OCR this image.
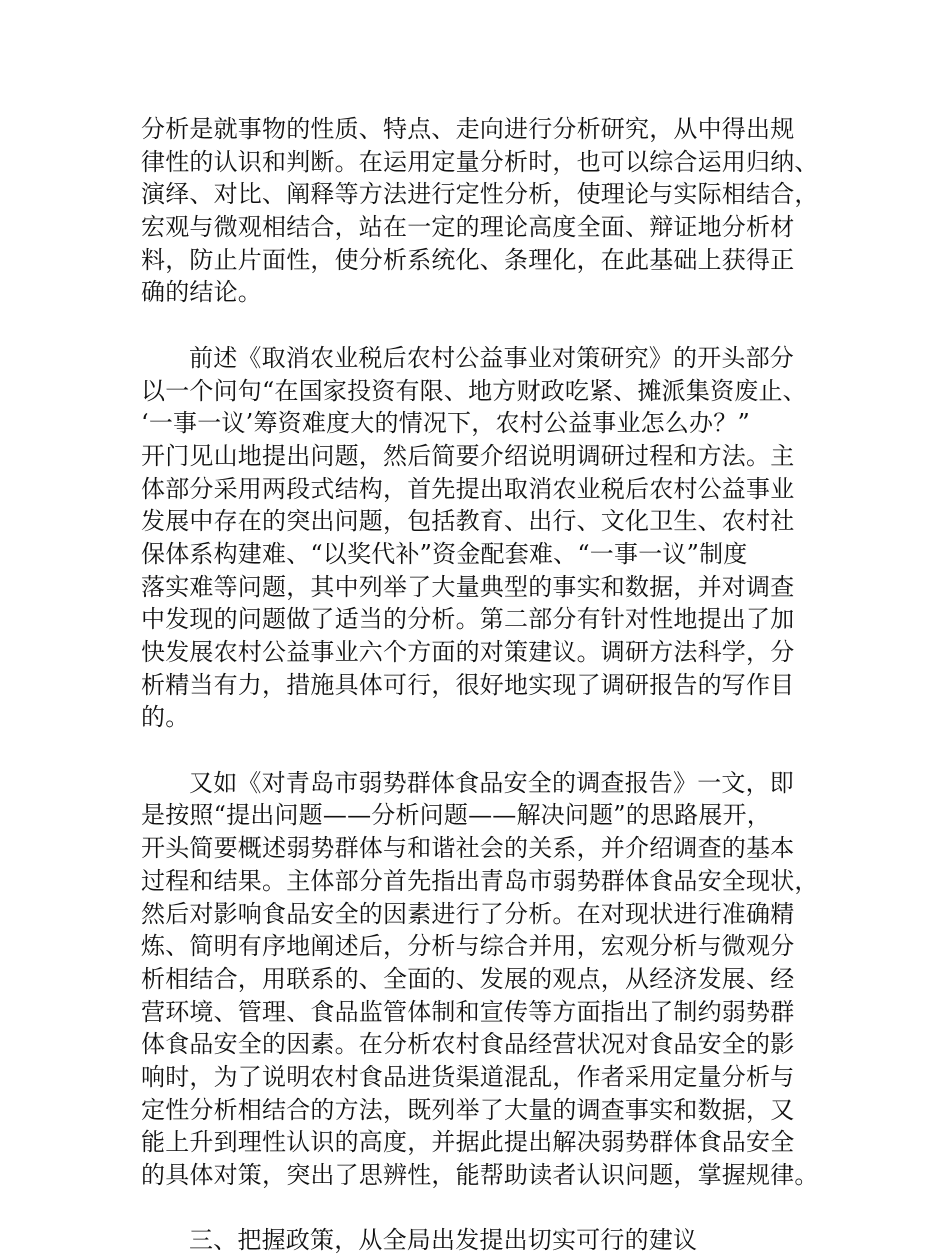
分析是就事物的性质、特点、走向进行分析研究，从中得出规
律性的认识和判断。在运用定量分析时，也可以综合运用归纳、
演绎、对比、阐释等方法进行定性分析，使理论与实际相结合，
宏观与微观相结合，站在一定的理论高度全面、辩证地分析材
料，防止片面性，使分析系统化、条理化，在此基础上获得正
确的结论。
前述《取消农业税后农村公益事业对策研究》的开头部分
以一个问句“在国家投资有限、地方财政吃紧、摊派集资废止、
‘一事一议’筹资难度大的情况下，农村公益事业怎么办？”
开门见山地提出问题，然后简要介绍说明调研过程和方法。主
体部分采用两段式结构，首先提出取消农业税后农村公益事业
发展中存在的突出问题，包括教育、出行、文化卫生、农村社
保体系构建难、“以奖代补”资金配套难、“一事一议”制度
落实难等问题，其中列举了大量典型的事实和数据，并对调查
中发现的问题做了适当的分析。第二部分有针对性地提出了加
快发展农村公益事业六个方面的对策建议。调研方法科学，分
析精当有力，措施具体可行，很好地实现了调研报告的写作目
的。
又如《对青岛市弱势群体食品安全的调查报告》一文，即
是按照“提出问题——分析问题——解决问题”的思路展开，
开头简要概述弱势群体与和谐社会的关系，并介绍调查的基本
过程和结果。主体部分首先指出青岛市弱势群体食品安全现状，
然后对影响食品安全的因素进行了分析。在对现状进行准确精
炼、简明有序地阐述后，分析与综合并用，宏观分析与微观分
析相结合，用联系的、全面的、发展的观点，从经济发展、经
营环境、管理、食品监管体制和宣传等方面指出了制约弱势群
体食品安全的因素。在分析农村食品经营状况对食品安全的影
响时，为了说明农村食品进货渠道混乱，作者采用定量分析与
定性分析相结合的方法，既列举了大量的调查事实和数据，又
能上升到理性认识的高度，并据此提出解决弱势群体食品安全
的具体对策，突出了思辨性，能帮助读者认识问题，掌握规律。
三、把握政策，从全局出发提出切实可行的建议
